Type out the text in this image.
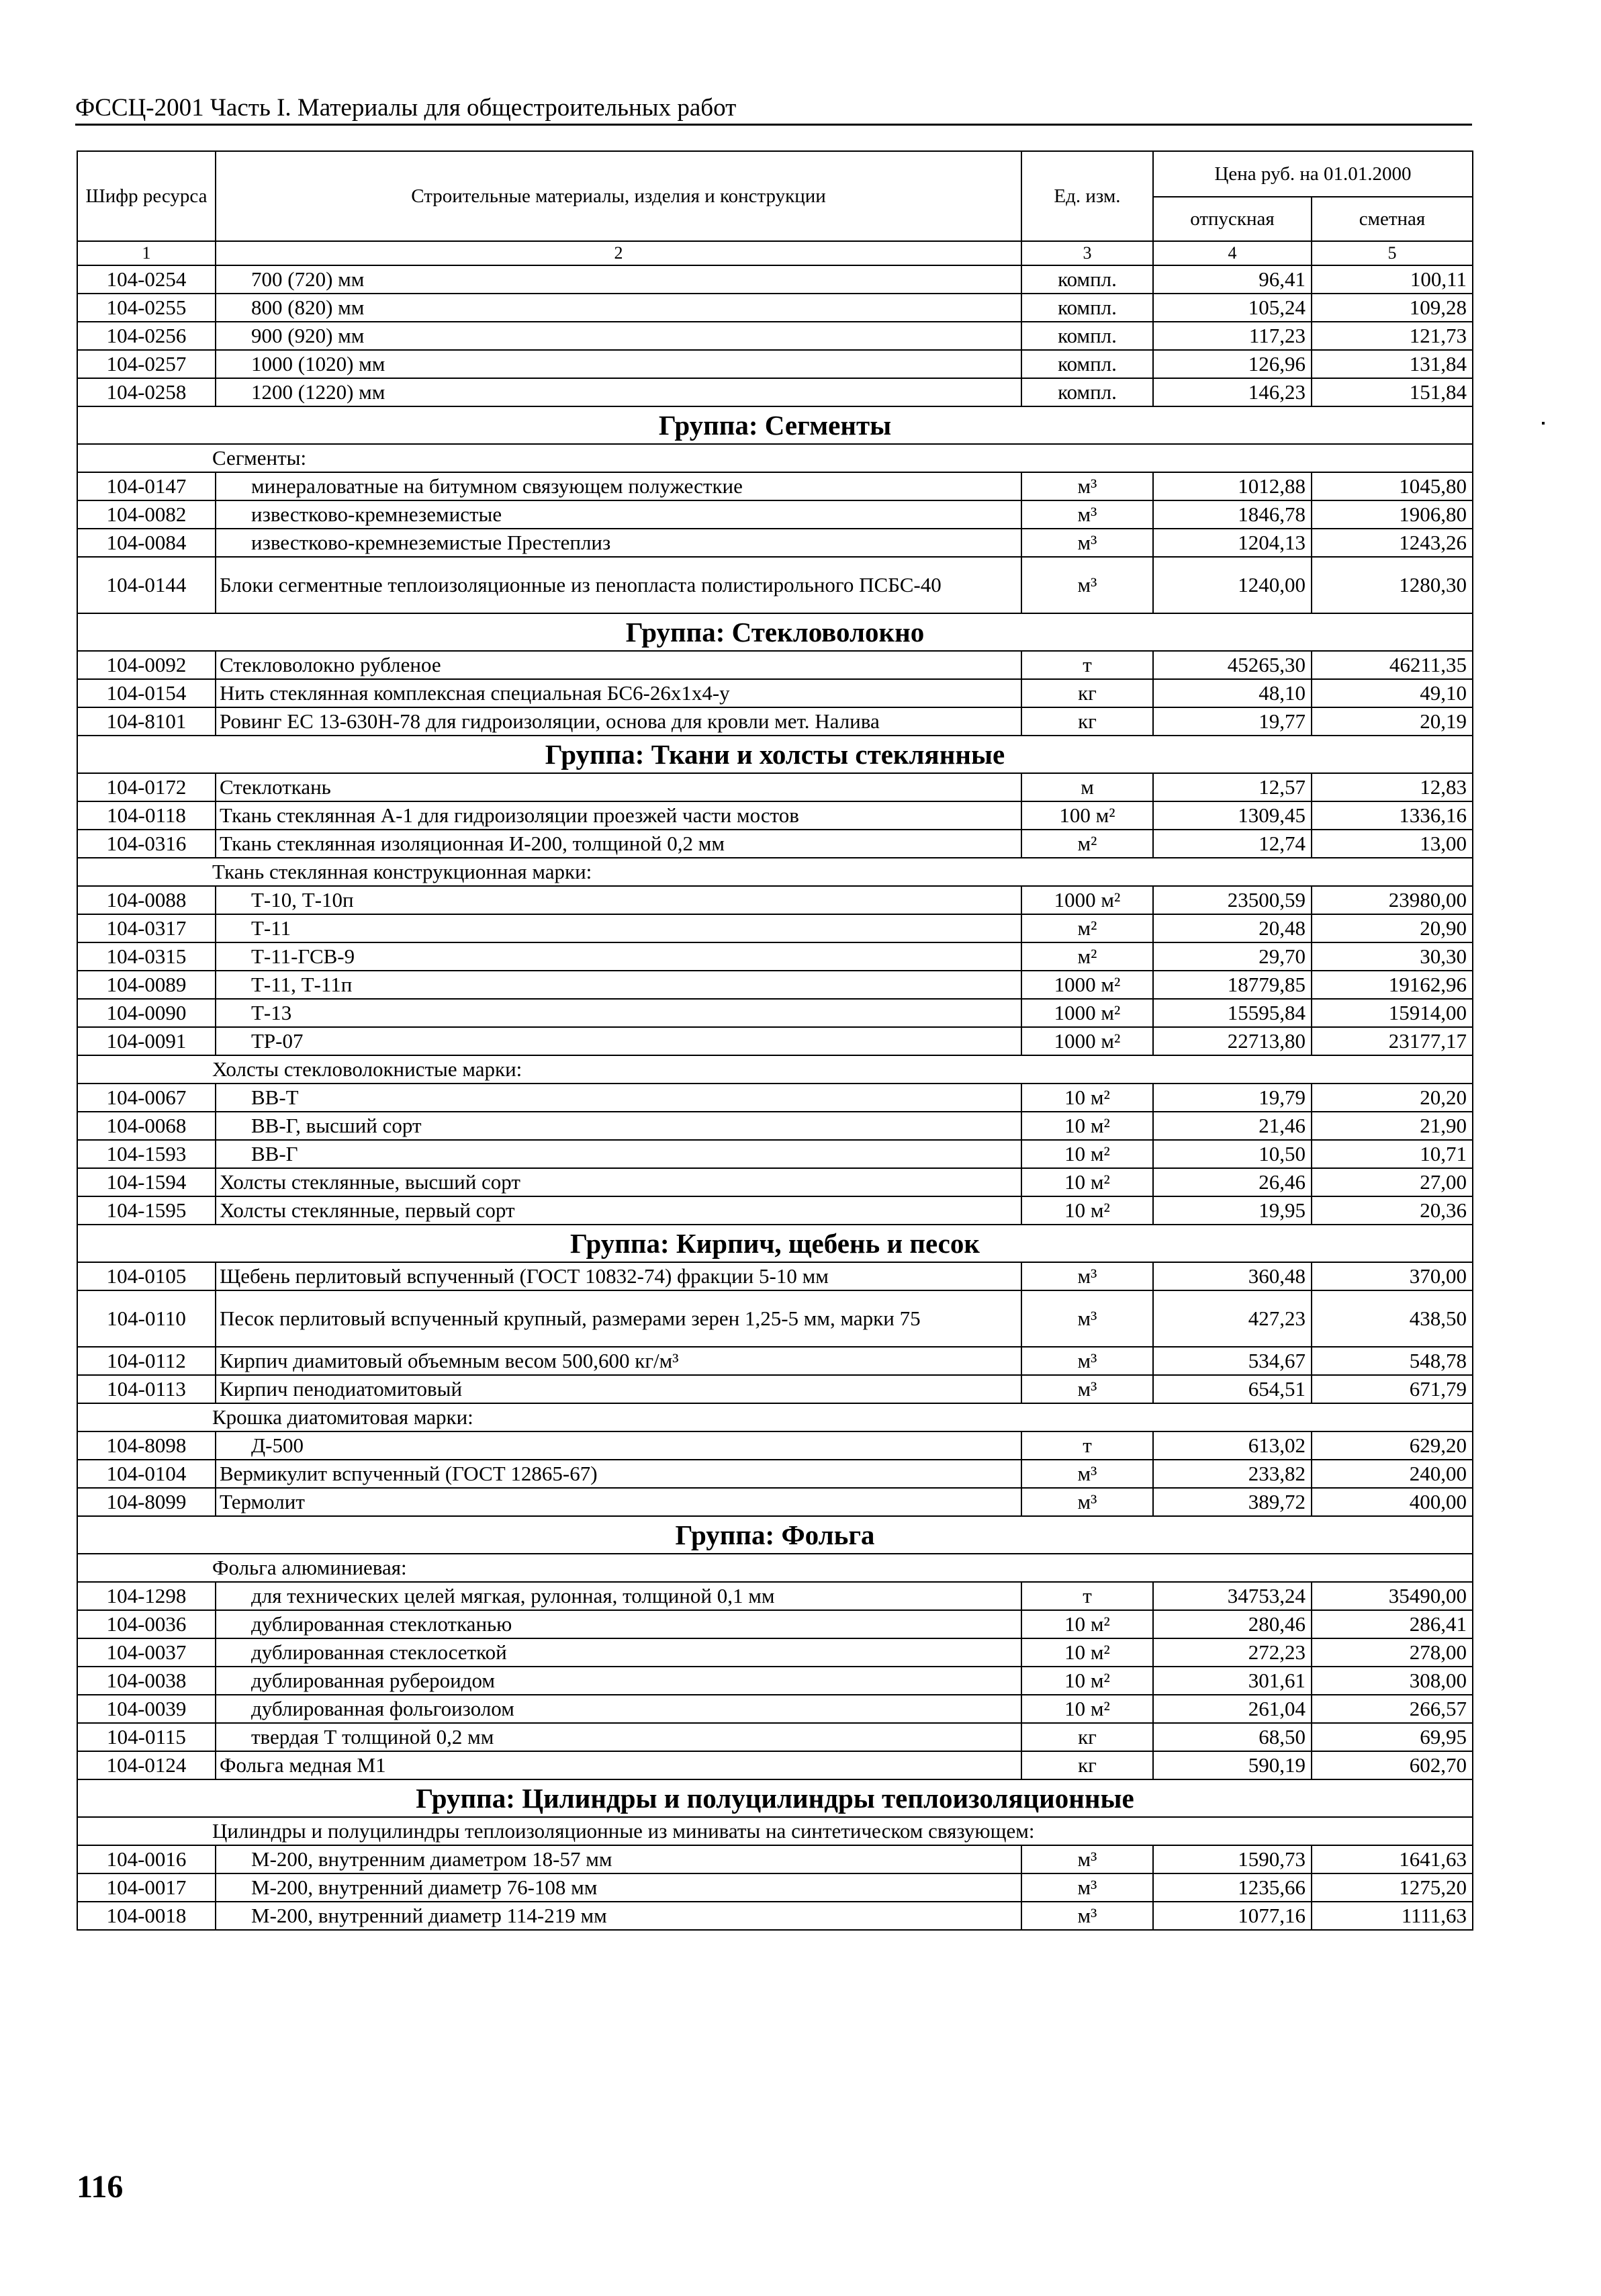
ФССЦ-2001 Часть I. Материалы для общестроительных работ
Шифр ресурса	Строительные материалы, изделия и конструкции	Ед. изм.	Цена руб. на 01.01.2000	
			отпускная	сметная
1	2	3	4	5
104-0254	700 (720) мм	компл.	96,41	100,11
104-0255	800 (820) мм	компл.	105,24	109,28
104-0256	900 (920) мм	компл.	117,23	121,73
104-0257	1000 (1020) мм	компл.	126,96	131,84
104-0258	1200 (1220) мм	компл.	146,23	151,84
Группа: Сегменты				
Сегменты:				
104-0147	минераловатные на битумном связующем полужесткие	м³	1012,88	1045,80
104-0082	известково-кремнеземистые	м³	1846,78	1906,80
104-0084	известково-кремнеземистые Престеплиз	м³	1204,13	1243,26
104-0144	Блоки сегментные теплоизоляционные из пенопласта полистирольного ПСБС-40	м³	1240,00	1280,30
Группа: Стекловолокно				
104-0092	Стекловолокно рубленое	т	45265,30	46211,35
104-0154	Нить стеклянная комплексная специальная БС6-26х1х4-у	кг	48,10	49,10
104-8101	Ровинг ЕС 13-630Н-78 для гидроизоляции, основа для кровли мет. Налива	кг	19,77	20,19
Группа: Ткани и холсты стеклянные				
104-0172	Стеклоткань	м	12,57	12,83
104-0118	Ткань стеклянная А-1 для гидроизоляции проезжей части мостов	100 м²	1309,45	1336,16
104-0316	Ткань стеклянная изоляционная И-200, толщиной 0,2 мм	м²	12,74	13,00
Ткань стеклянная конструкционная марки:				
104-0088	Т-10, Т-10п	1000 м²	23500,59	23980,00
104-0317	Т-11	м²	20,48	20,90
104-0315	Т-11-ГСВ-9	м²	29,70	30,30
104-0089	Т-11, Т-11п	1000 м²	18779,85	19162,96
104-0090	Т-13	1000 м²	15595,84	15914,00
104-0091	ТР-07	1000 м²	22713,80	23177,17
Холсты стекловолокнистые марки:				
104-0067	ВВ-Т	10 м²	19,79	20,20
104-0068	ВВ-Г, высший сорт	10 м²	21,46	21,90
104-1593	ВВ-Г	10 м²	10,50	10,71
104-1594	Холсты стеклянные, высший сорт	10 м²	26,46	27,00
104-1595	Холсты стеклянные, первый сорт	10 м²	19,95	20,36
Группа: Кирпич, щебень и песок				
104-0105	Щебень перлитовый вспученный (ГОСТ 10832-74) фракции 5-10 мм	м³	360,48	370,00
104-0110	Песок перлитовый вспученный крупный, размерами зерен 1,25-5 мм, марки 75	м³	427,23	438,50
104-0112	Кирпич диамитовый объемным весом 500,600 кг/м³	м³	534,67	548,78
104-0113	Кирпич пенодиатомитовый	м³	654,51	671,79
Крошка диатомитовая марки:				
104-8098	Д-500	т	613,02	629,20
104-0104	Вермикулит вспученный (ГОСТ 12865-67)	м³	233,82	240,00
104-8099	Термолит	м³	389,72	400,00
Группа: Фольга				
Фольга алюминиевая:				
104-1298	для технических целей мягкая, рулонная, толщиной 0,1 мм	т	34753,24	35490,00
104-0036	дублированная стеклотканью	10 м²	280,46	286,41
104-0037	дублированная стеклосеткой	10 м²	272,23	278,00
104-0038	дублированная рубероидом	10 м²	301,61	308,00
104-0039	дублированная фольгоизолом	10 м²	261,04	266,57
104-0115	твердая Т толщиной 0,2 мм	кг	68,50	69,95
104-0124	Фольга медная М1	кг	590,19	602,70
Группа: Цилиндры и полуцилиндры теплоизоляционные				
Цилиндры и полуцилиндры теплоизоляционные из миниваты на синтетическом связующем:				
104-0016	М-200, внутренним диаметром 18-57 мм	м³	1590,73	1641,63
104-0017	М-200, внутренний диаметр 76-108 мм	м³	1235,66	1275,20
104-0018	М-200, внутренний диаметр 114-219 мм	м³	1077,16	1111,63
116
